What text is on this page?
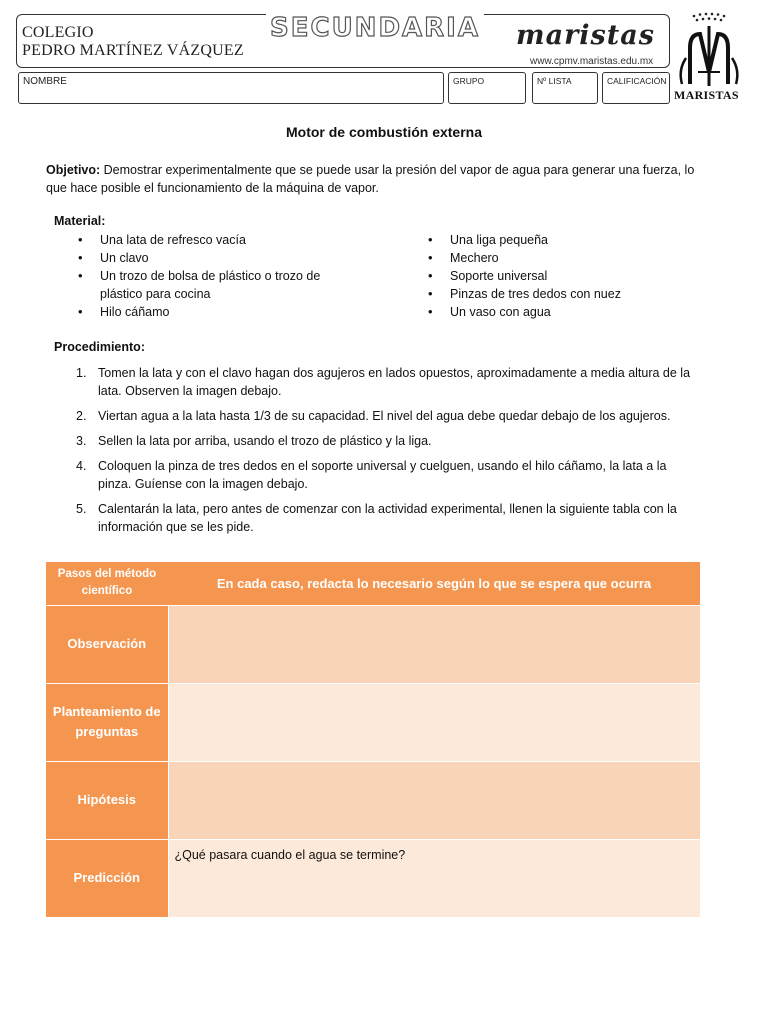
COLEGIO
PEDRO MARTÍNEZ VÁZQUEZ
SECUNDARIA maristas
www.cpmv.maristas.edu.mx
MARISTAS
NOMBRE	GRUPO	Nº LISTA	CALIFICACIÓN
Motor de combustión externa
Objetivo: Demostrar experimentalmente que se puede usar la presión del vapor de agua para generar una fuerza, lo que hace posible el funcionamiento de la máquina de vapor.
Material:
• Una lata de refresco vacía
• Un clavo
• Un trozo de bolsa de plástico o trozo de plástico para cocina
• Hilo cáñamo
• Una liga pequeña
• Mechero
• Soporte universal
• Pinzas de tres dedos con nuez
• Un vaso con agua
Procedimiento:
1. Tomen la lata y con el clavo hagan dos agujeros en lados opuestos, aproximadamente a media altura de la lata. Observen la imagen debajo.
2. Viertan agua a la lata hasta 1/3 de su capacidad. El nivel del agua debe quedar debajo de los agujeros.
3. Sellen la lata por arriba, usando el trozo de plástico y la liga.
4. Coloquen la pinza de tres dedos en el soporte universal y cuelguen, usando el hilo cáñamo, la lata a la pinza. Guíense con la imagen debajo.
5. Calentarán la lata, pero antes de comenzar con la actividad experimental, llenen la siguiente tabla con la información que se les pide.
Pasos del método científico	En cada caso, redacta lo necesario según lo que se espera que ocurra
Observación	
Planteamiento de preguntas	
Hipótesis	
Predicción	¿Qué pasara cuando el agua se termine?
